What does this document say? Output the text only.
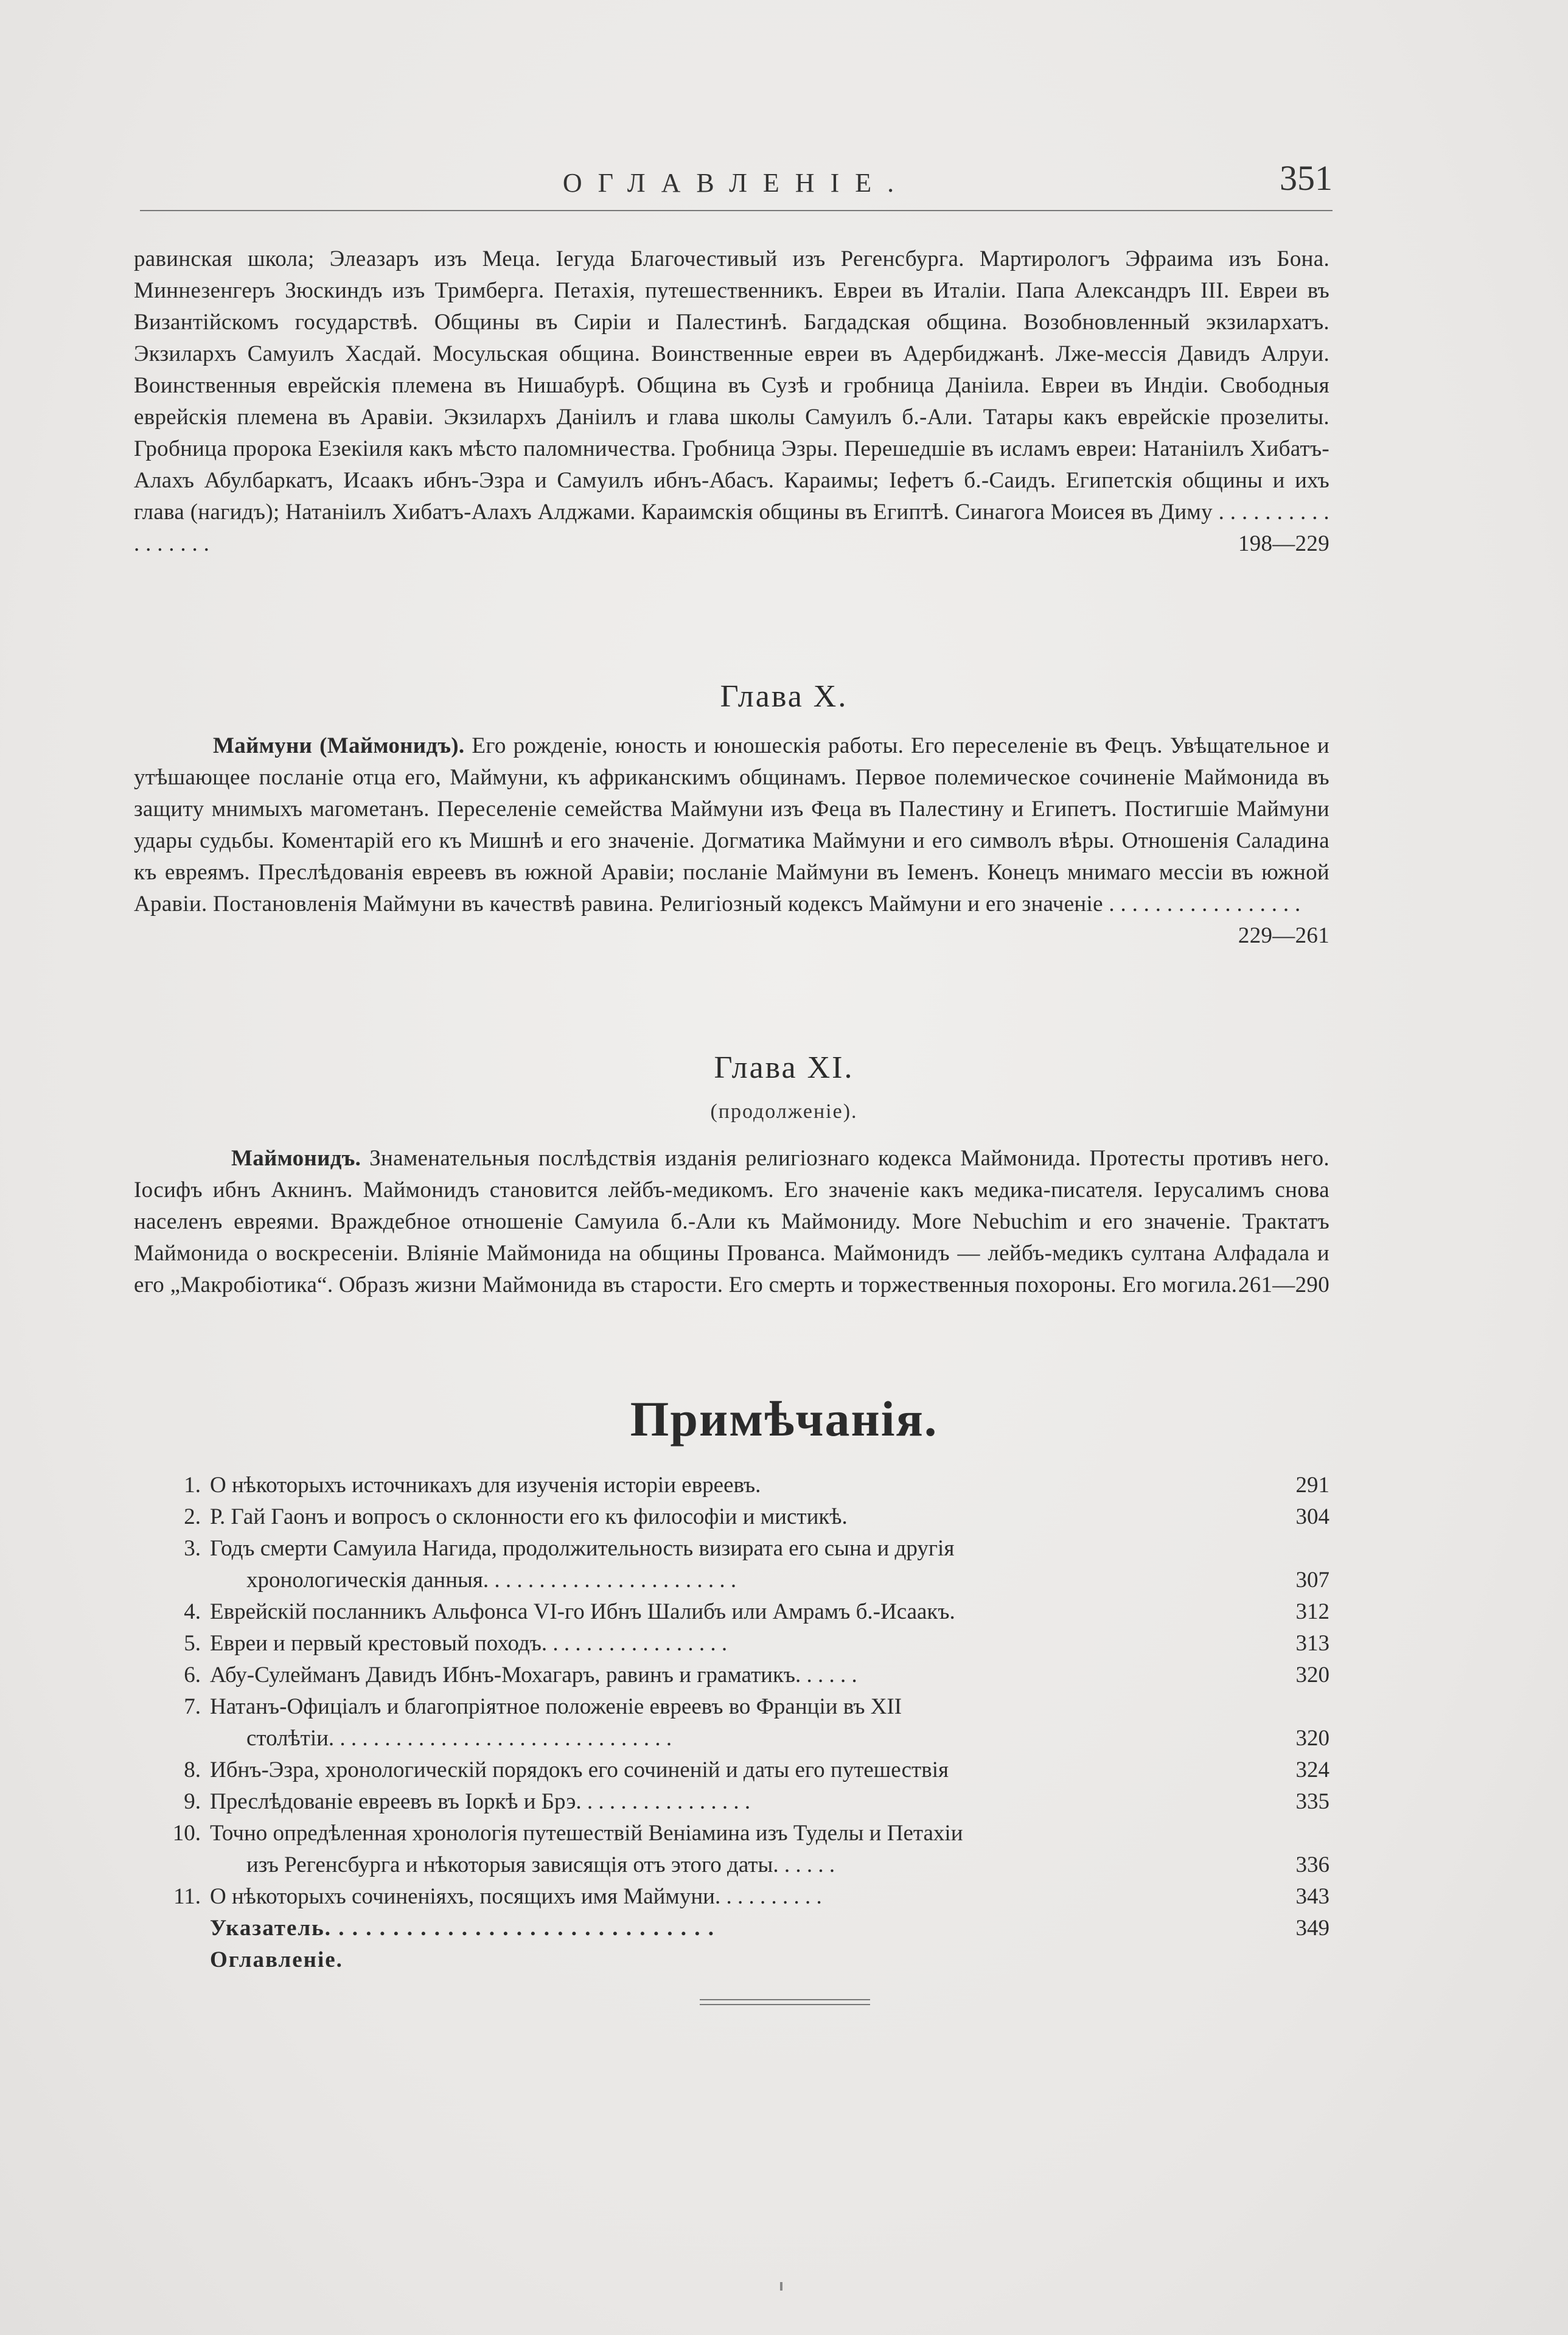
ОГЛАВЛЕНІЕ.	351

равинская школа; Элеазаръ изъ Меца. Іегуда Благочестивый изъ Регенсбурга. Мартирологъ Эфраима изъ Бона. Миннезенгеръ Зюскиндъ изъ Тримберга. Петахія, путешественникъ. Евреи въ Италіи. Папа Александръ III. Евреи въ Византійскомъ государствѣ. Общины въ Сиріи и Палестинѣ. Багдадская община. Возобновленный экзилархатъ. Экзилархъ Самуилъ Хасдай. Мосульская община. Воинственные евреи въ Адербиджанѣ. Лже-мессія Давидъ Алруи. Воинственныя еврейскія племена въ Нишабурѣ. Община въ Сузѣ и гробница Даніила. Евреи въ Индіи. Свободныя еврейскія племена въ Аравіи. Экзилархъ Даніилъ и глава школы Самуилъ б.-Али. Татары какъ еврейскіе прозелиты. Гробница пророка Езекіиля какъ мѣсто паломничества. Гробница Эзры. Перешедшіе въ исламъ евреи: Натаніилъ Хибатъ-Алахъ Абулбаркатъ, Исаакъ ибнъ-Эзра и Самуилъ ибнъ-Абасъ. Караимы; Іефетъ б.-Саидъ. Египетскія общины и ихъ глава (нагидъ); Натаніилъ Хибатъ-Алахъ Алджами. Караимскія общины въ Египтѣ. Синагога Моисея въ Диму . . . . . . . . . . . . . . . . .	198—229

Глава X.

Маймуни (Маймонидъ). Его рожденіе, юность и юношескія работы. Его переселеніе въ Фецъ. Увѣщательное и утѣшающее посланіе отца его, Маймуни, къ африканскимъ общинамъ. Первое полемическое сочиненіе Маймонида въ защиту мнимыхъ магометанъ. Переселеніе семейства Маймуни изъ Феца въ Палестину и Египетъ. Постигшіе Маймуни удары судьбы. Коментарій его къ Мишнѣ и его значеніе. Догматика Маймуни и его символъ вѣры. Отношенія Саладина къ евреямъ. Преслѣдованія евреевъ въ южной Аравіи; посланіе Маймуни въ Іеменъ. Конецъ мнимаго мессіи въ южной Аравіи. Постановленія Маймуни въ качествѣ равина. Религіозный кодексъ Маймуни и его значеніе . . . . . . . . . . . . . . . . .
229—261

Глава XI.
(продолженіе).

Маймонидъ. Знаменательныя послѣдствія изданія религіознаго кодекса Маймонида. Протесты противъ него. Іосифъ ибнъ Акнинъ. Маймонидъ становится лейбъ-медикомъ. Его значеніе какъ медика-писателя. Іерусалимъ снова населенъ евреями. Враждебное отношеніе Самуила б.-Али къ Маймониду. More Nebuchim и его значеніе. Трактатъ Маймонида о воскресеніи. Вліяніе Маймонида на общины Прованса. Маймонидъ — лейбъ-медикъ султана Алфадала и его „Макробіотика“. Образъ жизни Маймонида въ старости. Его смерть и торжественныя похороны. Его могила. 261—290

Примѣчанія.
1. О нѣкоторыхъ источникахъ для изученія исторіи евреевъ.	291
2. Р. Гай Гаонъ и вопросъ о склонности его къ философіи и мистикѣ.	304
3. Годъ смерти Самуила Нагида, продолжительность визирата его сына и другія
хронологическія данныя. . . . . . . . . . . . . . . . . . . . . . .	307
4. Еврейскій посланникъ Альфонса VI-го Ибнъ Шалибъ или Амрамъ б.-Исаакъ.	312
5. Евреи и первый крестовый походъ. . . . . . . . . . . . . . . . .	313
6. Абу-Сулейманъ Давидъ Ибнъ-Мохагаръ, равинъ и граматикъ. . . . . .	320
7. Натанъ-Офиціалъ и благопріятное положеніе евреевъ во Франціи въ XII
столѣтіи. . . . . . . . . . . . . . . . . . . . . . . . . . . . . . .	320
8. Ибнъ-Эзра, хронологическій порядокъ его сочиненій и даты его путешествія	324
9. Преслѣдованіе евреевъ въ Іоркѣ и Брэ. . . . . . . . . . . . . . . .	335
10. Точно опредѣленная хронологія путешествій Веніамина изъ Туделы и Петахіи
изъ Регенсбурга и нѣкоторыя зависящія отъ этого даты. . . . . .	336
11. О нѣкоторыхъ сочиненіяхъ, посящихъ имя Маймуни. . . . . . . . . .	343
Указатель. . . . . . . . . . . . . . . . . . . . . . . . . . . . .	349
Оглавленіе.
